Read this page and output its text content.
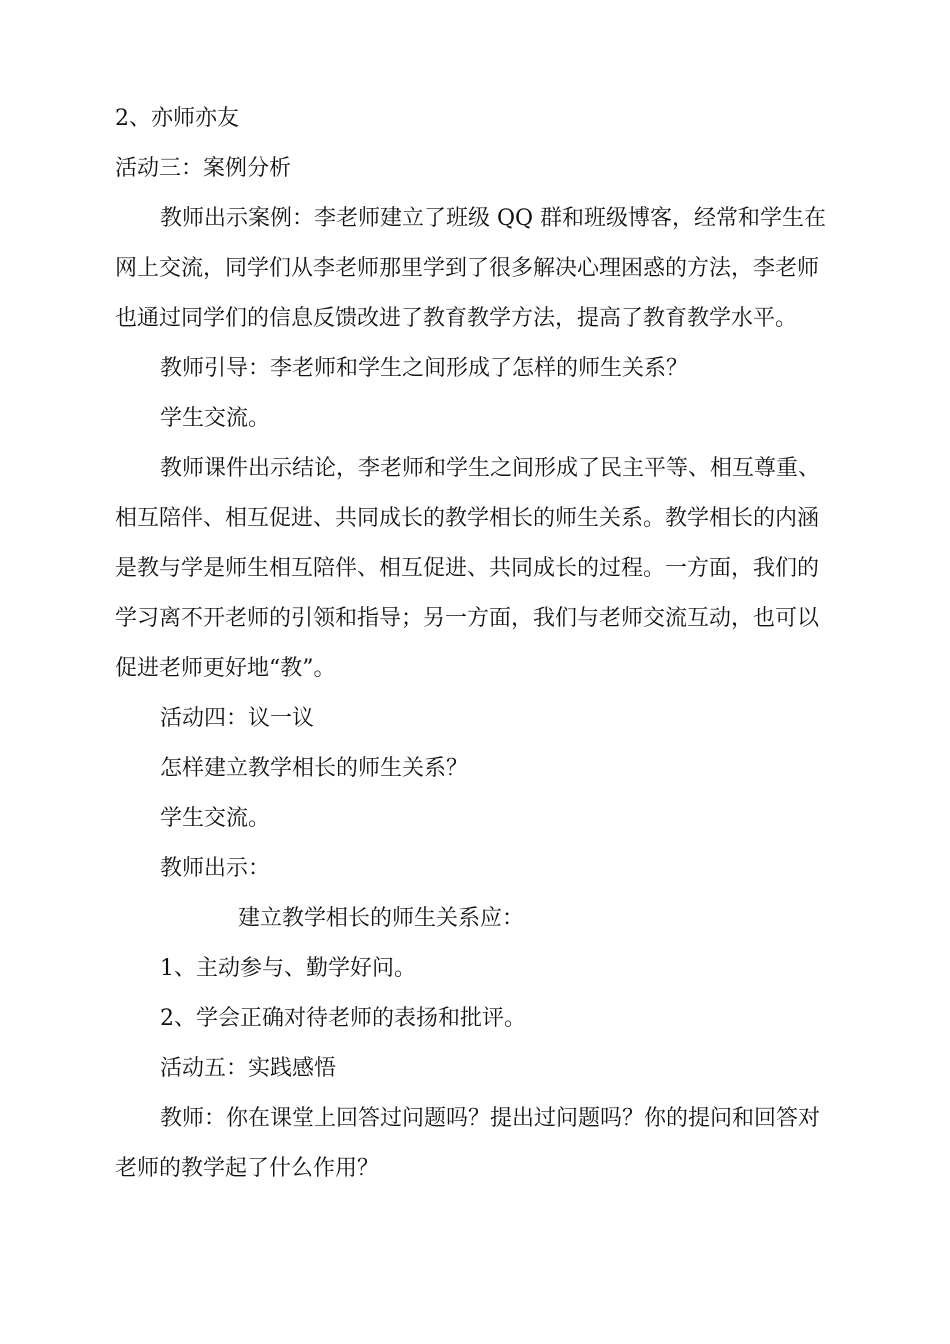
2、亦师亦友
活动三：案例分析
教师出示案例：李老师建立了班级 QQ 群和班级博客，经常和学生在
网上交流，同学们从李老师那里学到了很多解决心理困惑的方法，李老师
也通过同学们的信息反馈改进了教育教学方法，提高了教育教学水平。
教师引导：李老师和学生之间形成了怎样的师生关系？
学生交流。
教师课件出示结论，李老师和学生之间形成了民主平等、相互尊重、
相互陪伴、相互促进、共同成长的教学相长的师生关系。教学相长的内涵
是教与学是师生相互陪伴、相互促进、共同成长的过程。一方面，我们的
学习离不开老师的引领和指导；另一方面，我们与老师交流互动，也可以
促进老师更好地“教”。
活动四：议一议
怎样建立教学相长的师生关系？
学生交流。
教师出示：
建立教学相长的师生关系应：
1、主动参与、勤学好问。
2、学会正确对待老师的表扬和批评。
活动五：实践感悟
教师：你在课堂上回答过问题吗？提出过问题吗？你的提问和回答对
老师的教学起了什么作用？
